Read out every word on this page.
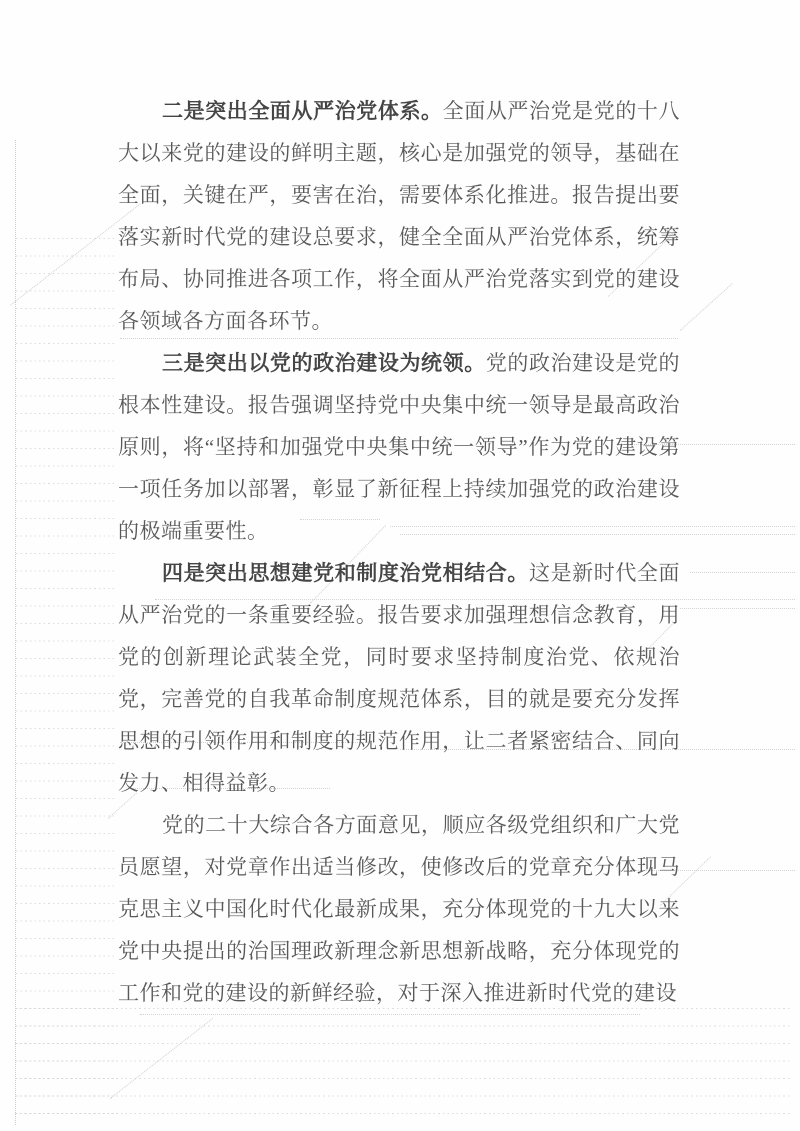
二是突出全面从严治党体系。全面从严治党是党的十八大以来党的建设的鲜明主题，核心是加强党的领导，基础在全面，关键在严，要害在治，需要体系化推进。报告提出要落实新时代党的建设总要求，健全全面从严治党体系，统筹布局、协同推进各项工作，将全面从严治党落实到党的建设各领域各方面各环节。

三是突出以党的政治建设为统领。党的政治建设是党的根本性建设。报告强调坚持党中央集中统一领导是最高政治原则，将“坚持和加强党中央集中统一领导”作为党的建设第一项任务加以部署，彰显了新征程上持续加强党的政治建设的极端重要性。

四是突出思想建党和制度治党相结合。这是新时代全面从严治党的一条重要经验。报告要求加强理想信念教育，用党的创新理论武装全党，同时要求坚持制度治党、依规治党，完善党的自我革命制度规范体系，目的就是要充分发挥思想的引领作用和制度的规范作用，让二者紧密结合、同向发力、相得益彰。

党的二十大综合各方面意见，顺应各级党组织和广大党员愿望，对党章作出适当修改，使修改后的党章充分体现马克思主义中国化时代化最新成果，充分体现党的十九大以来党中央提出的治国理政新理念新思想新战略，充分体现党的工作和党的建设的新鲜经验，对于深入推进新时代党的建设
